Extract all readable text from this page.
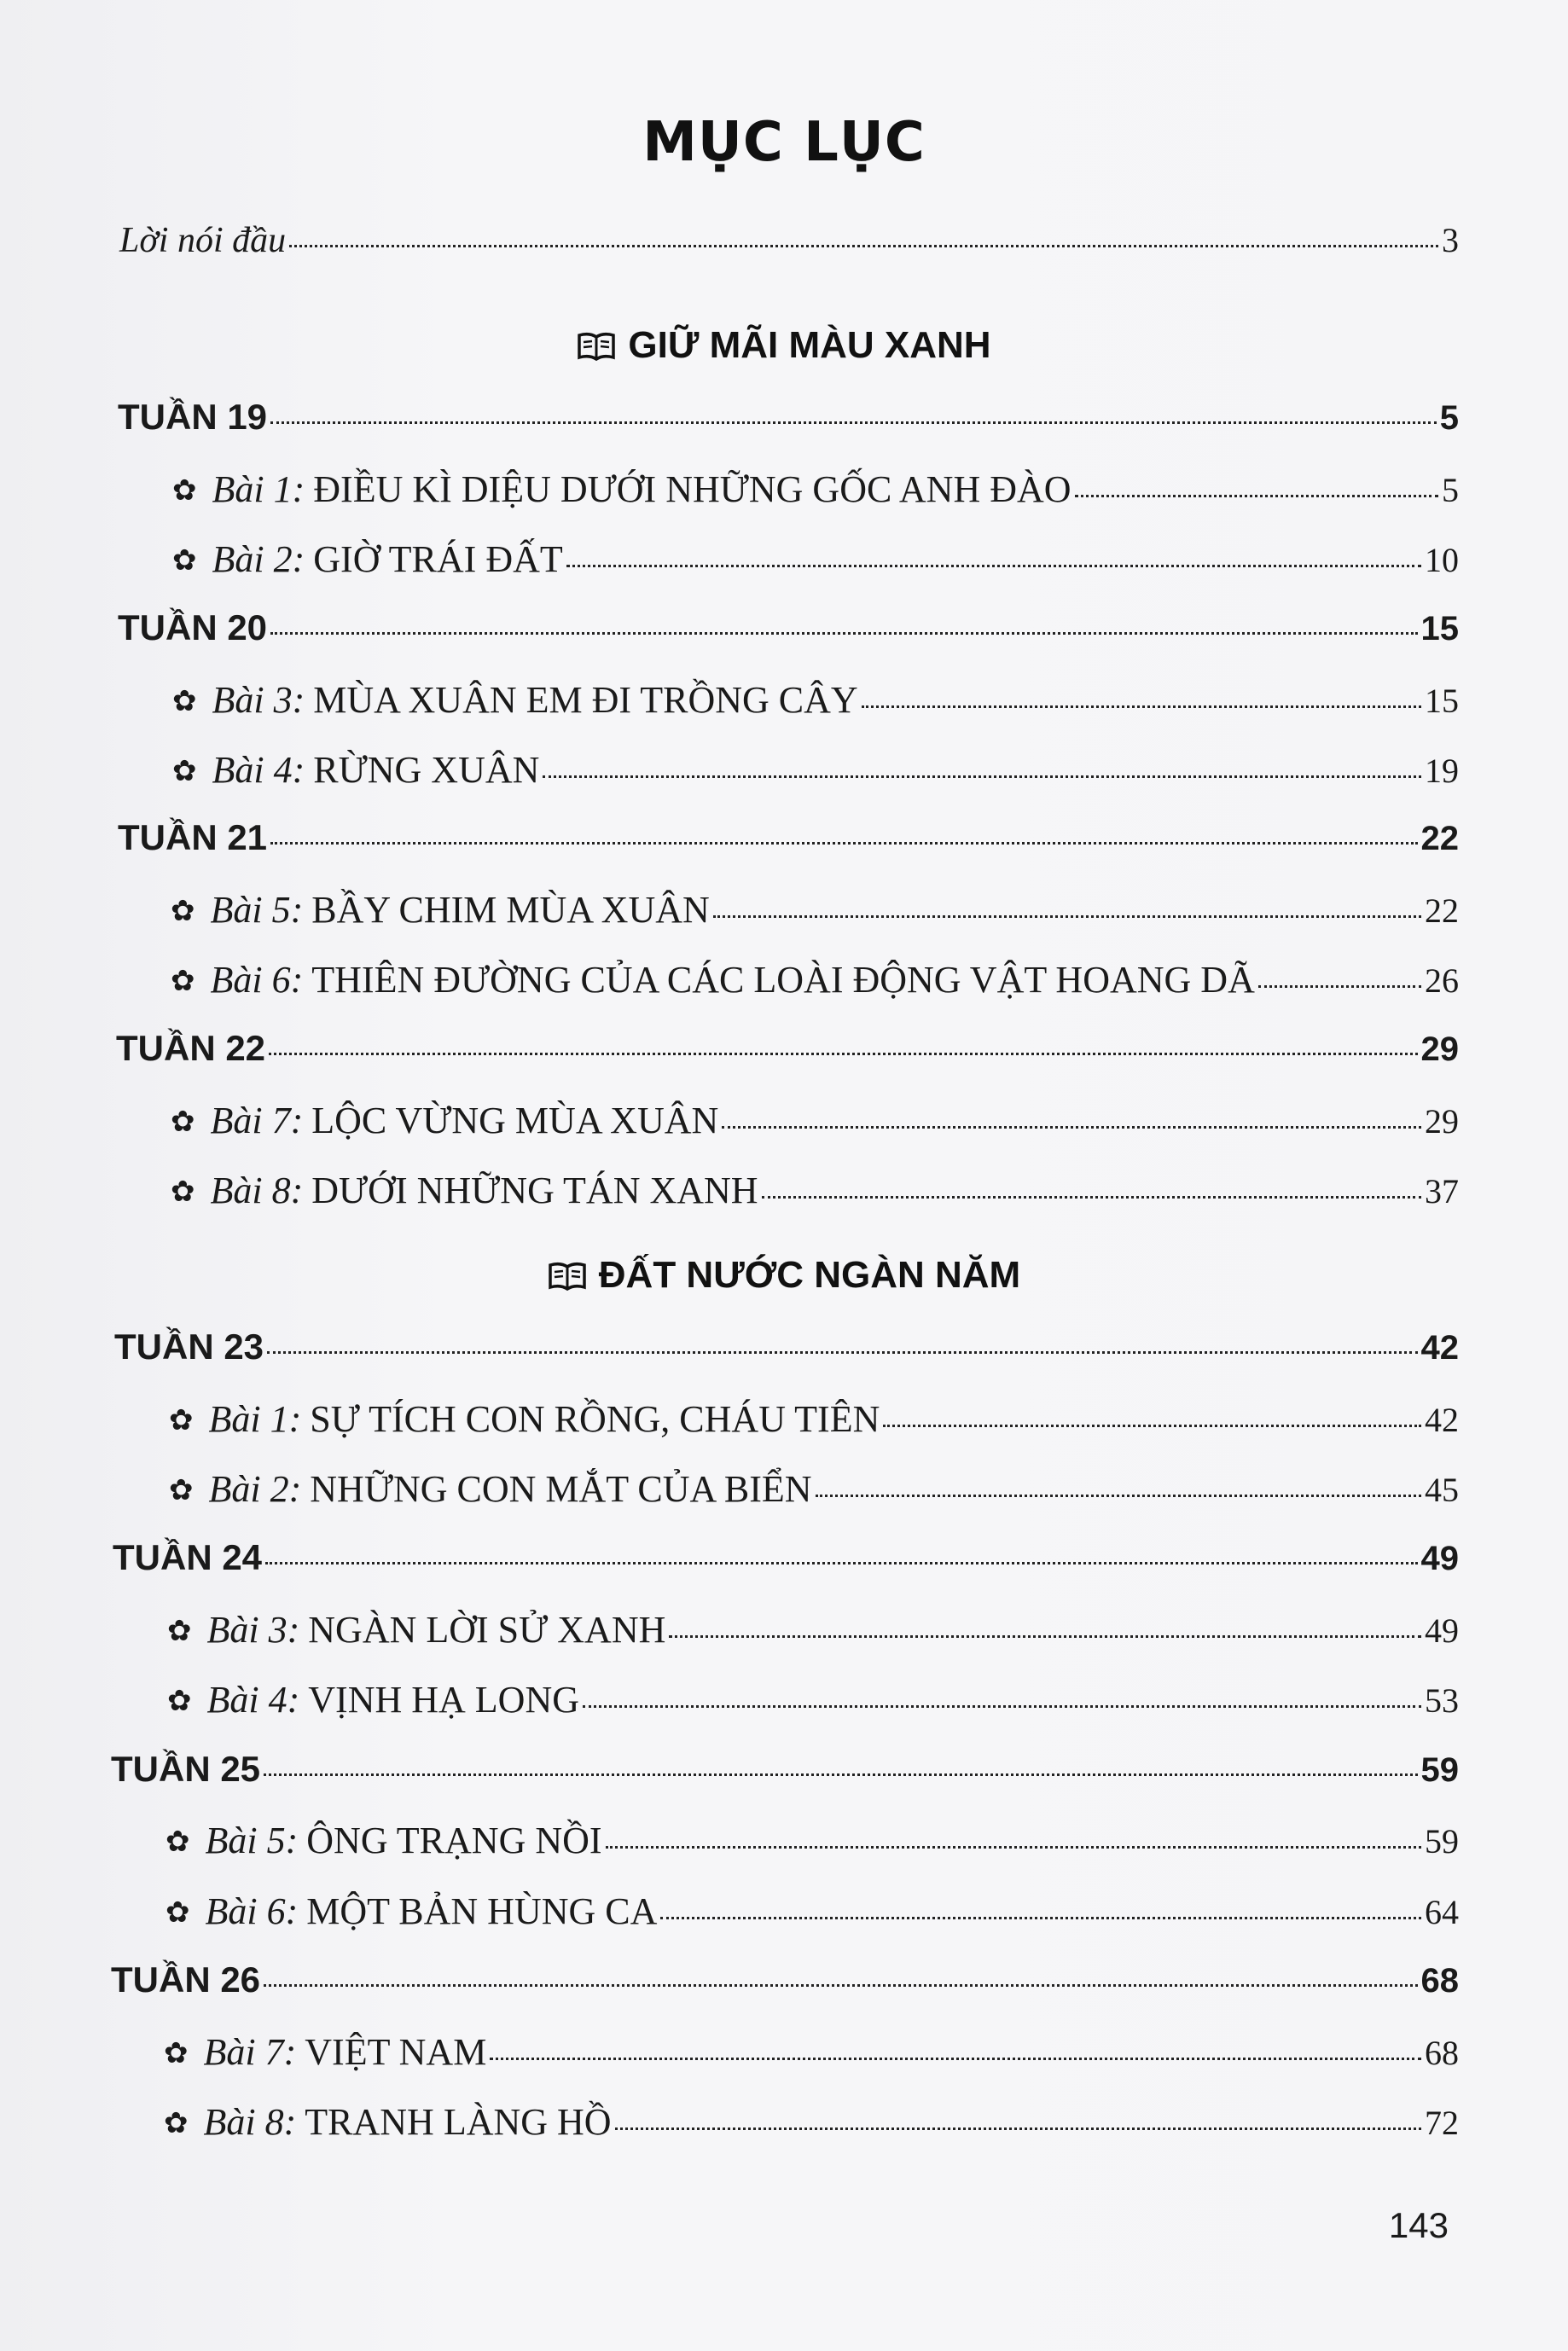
MỤC LỤC
Lời nói đầu	3
GIỮ MÃI MÀU XANH
TUẦN 19	5
✿ Bài 1: ĐIỀU KÌ DIỆU DƯỚI NHỮNG GỐC ANH ĐÀO	5
✿ Bài 2: GIỜ TRÁI ĐẤT	10
TUẦN 20	15
✿ Bài 3: MÙA XUÂN EM ĐI TRỒNG CÂY	15
✿ Bài 4: RỪNG XUÂN	19
TUẦN 21	22
✿ Bài 5: BẦY CHIM MÙA XUÂN	22
✿ Bài 6: THIÊN ĐƯỜNG CỦA CÁC LOÀI ĐỘNG VẬT HOANG DÃ	26
TUẦN 22	29
✿ Bài 7: LỘC VỪNG MÙA XUÂN	29
✿ Bài 8: DƯỚI NHỮNG TÁN XANH	37
ĐẤT NƯỚC NGÀN NĂM
TUẦN 23	42
✿ Bài 1: SỰ TÍCH CON RỒNG, CHÁU TIÊN	42
✿ Bài 2: NHỮNG CON MẮT CỦA BIỂN	45
TUẦN 24	49
✿ Bài 3: NGÀN LỜI SỬ XANH	49
✿ Bài 4: VỊNH HẠ LONG	53
TUẦN 25	59
✿ Bài 5: ÔNG TRẠNG NỒI	59
✿ Bài 6: MỘT BẢN HÙNG CA	64
TUẦN 26	68
✿ Bài 7: VIỆT NAM	68
✿ Bài 8: TRANH LÀNG HỒ	72
143
